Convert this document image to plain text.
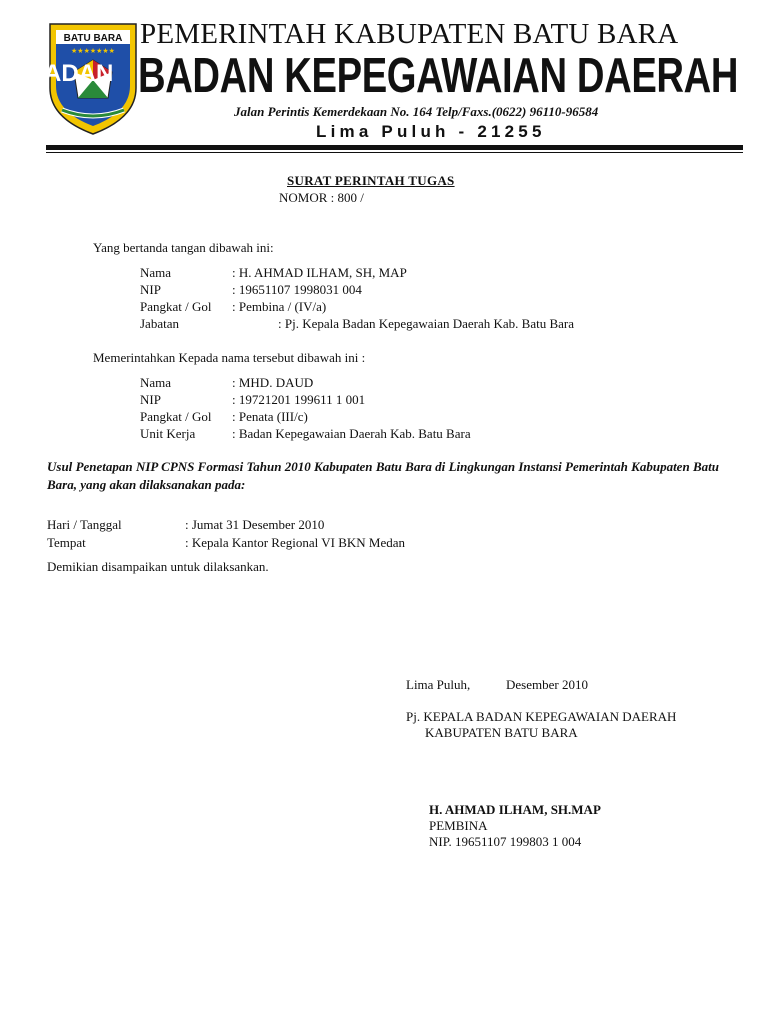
BATU BARA
★★★★★★★
ADAN
PEMERINTAH KABUPATEN BATU BARA
BADAN KEPEGAWAIAN DAERAH
Jalan Perintis Kemerdekaan No. 164 Telp/Faxs.(0622) 96110-96584
Lima Puluh - 21255
SURAT PERINTAH TUGAS
NOMOR : 800 /
Yang bertanda tangan dibawah ini:
Nama	: H. AHMAD ILHAM, SH, MAP
NIP	: 19651107 1998031 004
Pangkat / Gol : Pembina / (IV/a)
Jabatan	: Pj. Kepala Badan Kepegawaian Daerah Kab. Batu Bara
Memerintahkan Kepada nama tersebut dibawah ini :
Nama	: MHD. DAUD
NIP	: 19721201 199611 1 001
Pangkat / Gol : Penata (III/c)
Unit Kerja	: Badan Kepegawaian Daerah Kab. Batu Bara
Usul Penetapan NIP CPNS Formasi Tahun 2010 Kabupaten Batu Bara di Lingkungan Instansi Pemerintah Kabupaten Batu Bara, yang akan dilaksanakan pada:
Hari / Tanggal	: Jumat 31 Desember 2010
Tempat	: Kepala Kantor Regional VI BKN Medan
Demikian disampaikan untuk dilaksankan.
Lima Puluh,	Desember 2010
Pj. KEPALA BADAN KEPEGAWAIAN DAERAH
KABUPATEN BATU BARA
H. AHMAD ILHAM, SH.MAP
PEMBINA
NIP. 19651107 199803 1 004
